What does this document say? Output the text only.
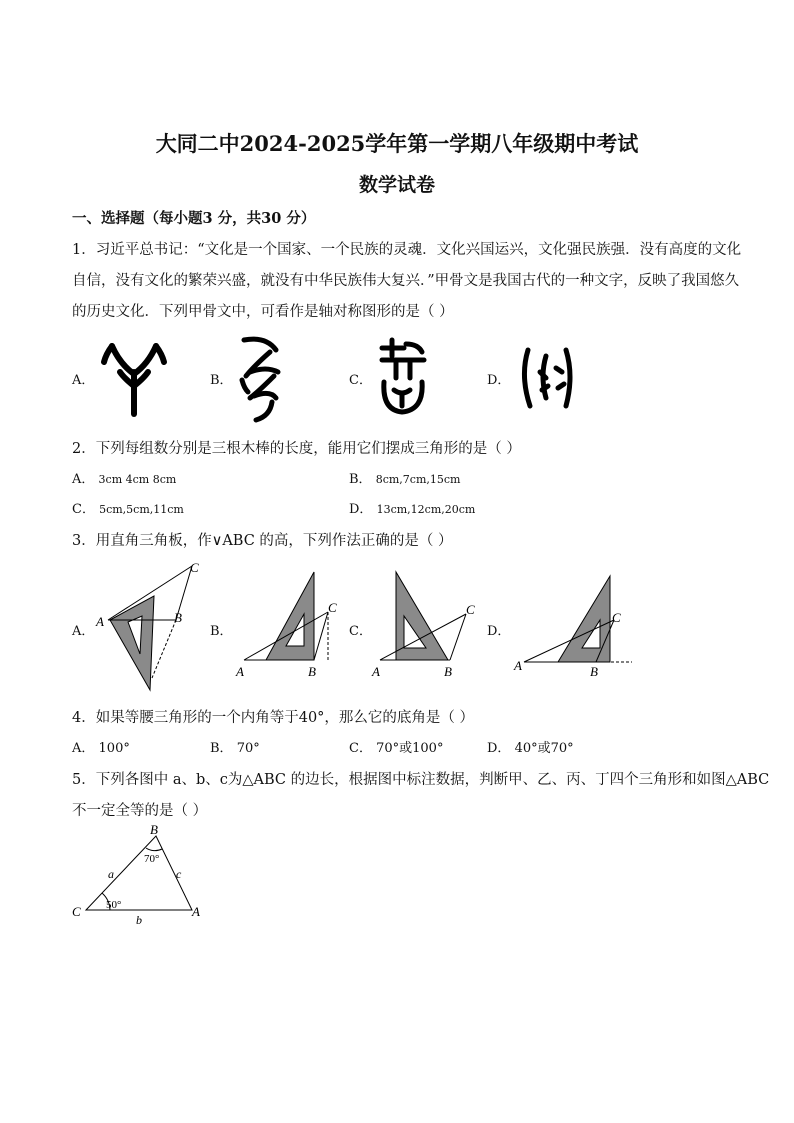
大同二中2024-2025学年第一学期八年级期中考试
数学试卷
一、选择题（每小题3 分，共30 分）
1．习近平总书记：“文化是一个国家、一个民族的灵魂．文化兴国运兴，文化强民族强．没有高度的文化
自信，没有文化的繁荣兴盛，就没有中华民族伟大复兴．”甲骨文是我国古代的一种文字，反映了我国悠久
的历史文化．下列甲骨文中，可看作是轴对称图形的是（ ）
A．	B．	C．	D．
2．下列每组数分别是三根木棒的长度，能用它们摆成三角形的是（ ）
A． 3cm 4cm 8cm	B． 8cm,7cm,15cm
C． 5cm,5cm,11cm	D． 13cm,12cm,20cm
3．用直角三角板，作∨ABC 的高，下列作法正确的是（ ）
A．	B．	C．	D．
A	B
C
A	B
C
A	B
C
A	B
C
4．如果等腰三角形的一个内角等于40°，那么它的底角是（ ）
A． 100°	B． 70°	C． 70°或100°	D． 40°或70°
5．下列各图中 a、b、c为△ABC 的边长，根据图中标注数据，判断甲、乙、丙、丁四个三角形和如图△ABC
不一定全等的是（ ）
B
C	A
a	c
b
70°
50°
